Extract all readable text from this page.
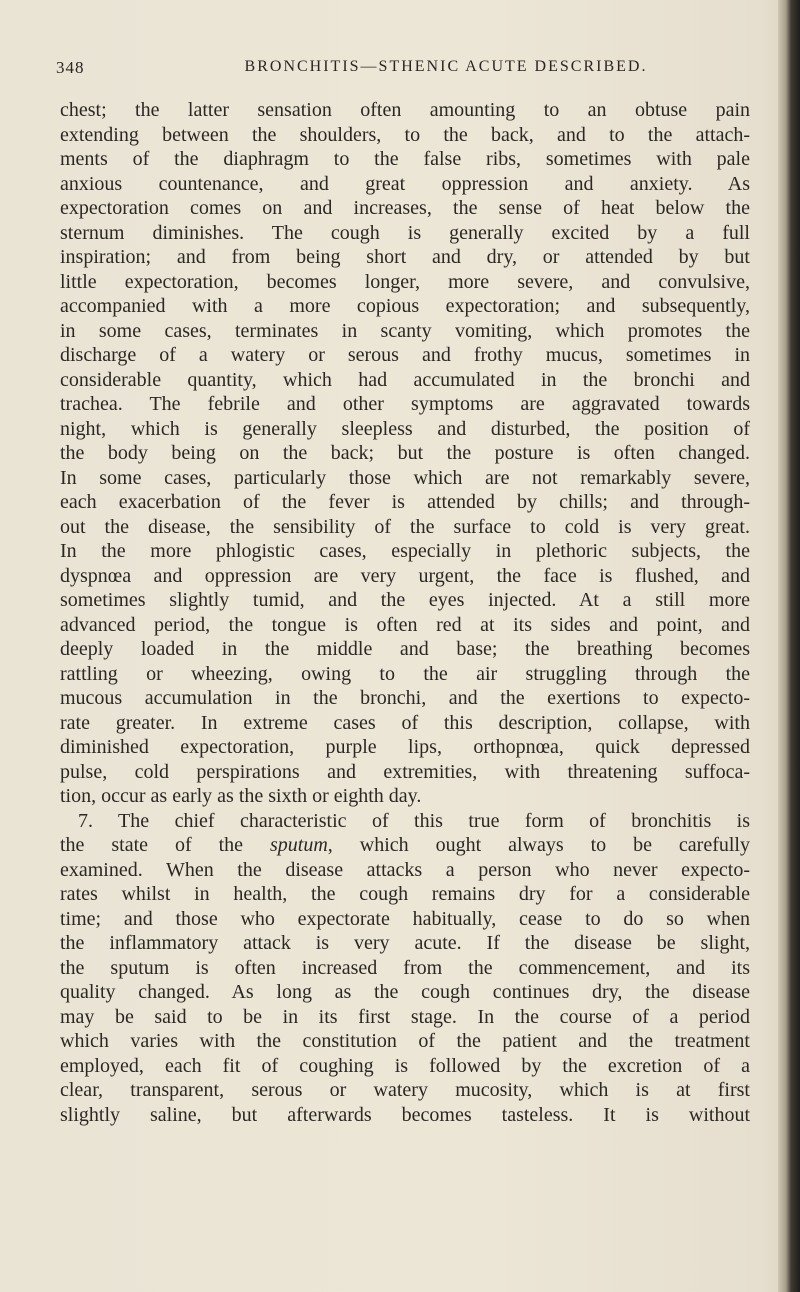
348	BRONCHITIS—STHENIC ACUTE DESCRIBED.
chest; the latter sensation often amounting to an obtuse pain
extending between the shoulders, to the back, and to the attach-
ments of the diaphragm to the false ribs, sometimes with pale
anxious countenance, and great oppression and anxiety. As
expectoration comes on and increases, the sense of heat below the
sternum diminishes. The cough is generally excited by a full
inspiration; and from being short and dry, or attended by but
little expectoration, becomes longer, more severe, and convulsive,
accompanied with a more copious expectoration; and subsequently,
in some cases, terminates in scanty vomiting, which promotes the
discharge of a watery or serous and frothy mucus, sometimes in
considerable quantity, which had accumulated in the bronchi and
trachea. The febrile and other symptoms are aggravated towards
night, which is generally sleepless and disturbed, the position of
the body being on the back; but the posture is often changed.
In some cases, particularly those which are not remarkably severe,
each exacerbation of the fever is attended by chills; and through-
out the disease, the sensibility of the surface to cold is very great.
In the more phlogistic cases, especially in plethoric subjects, the
dyspnœa and oppression are very urgent, the face is flushed, and
sometimes slightly tumid, and the eyes injected. At a still more
advanced period, the tongue is often red at its sides and point, and
deeply loaded in the middle and base; the breathing becomes
rattling or wheezing, owing to the air struggling through the
mucous accumulation in the bronchi, and the exertions to expecto-
rate greater. In extreme cases of this description, collapse, with
diminished expectoration, purple lips, orthopnœa, quick depressed
pulse, cold perspirations and extremities, with threatening suffoca-
tion, occur as early as the sixth or eighth day.
7. The chief characteristic of this true form of bronchitis is
the state of the sputum, which ought always to be carefully
examined. When the disease attacks a person who never expecto-
rates whilst in health, the cough remains dry for a considerable
time; and those who expectorate habitually, cease to do so when
the inflammatory attack is very acute. If the disease be slight,
the sputum is often increased from the commencement, and its
quality changed. As long as the cough continues dry, the disease
may be said to be in its first stage. In the course of a period
which varies with the constitution of the patient and the treatment
employed, each fit of coughing is followed by the excretion of a
clear, transparent, serous or watery mucosity, which is at first
slightly saline, but afterwards becomes tasteless. It is without
